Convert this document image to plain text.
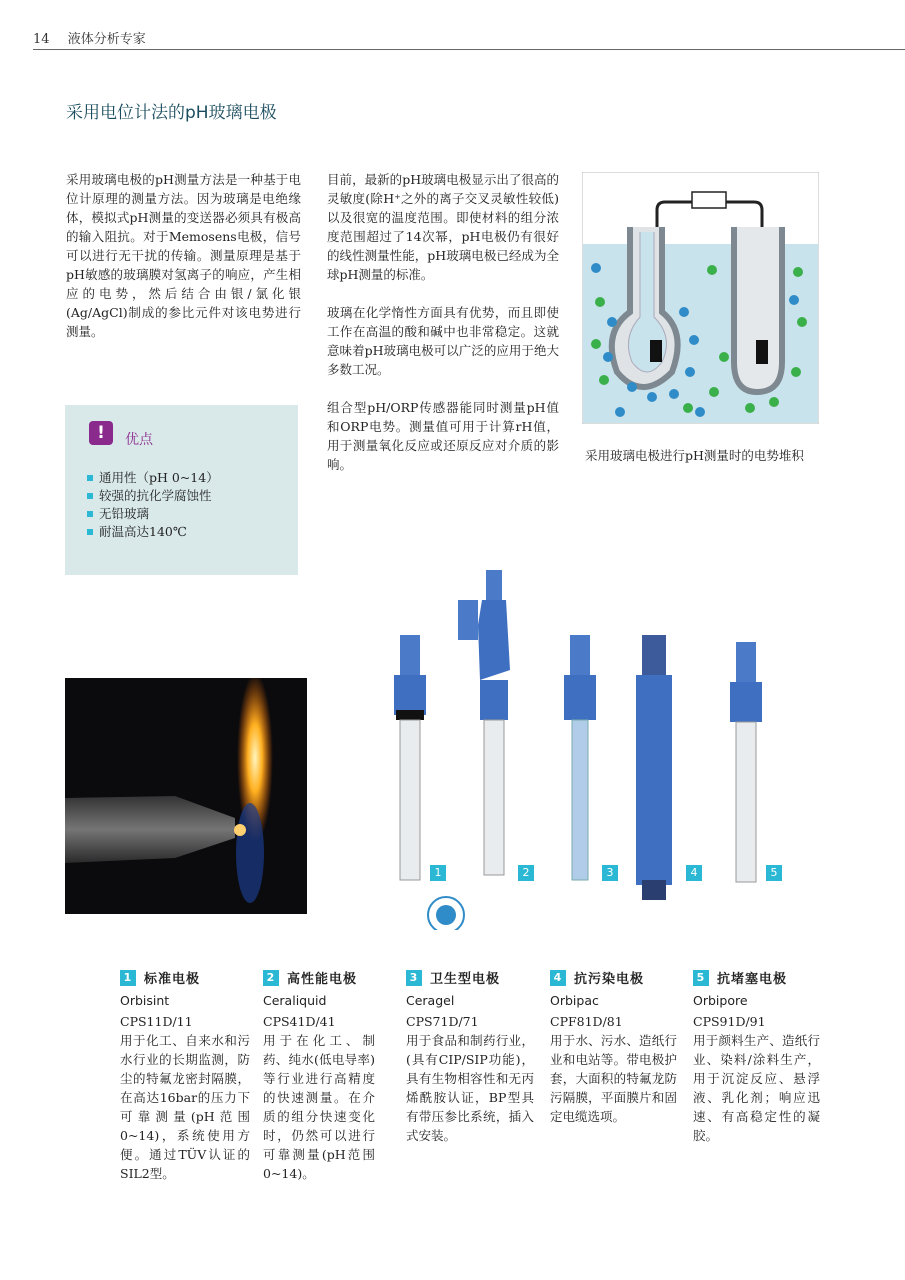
14 液体分析专家
采用电位计法的pH玻璃电极
采用玻璃电极的pH测量方法是一种基于电位计原理的测量方法。因为玻璃是电绝缘体，模拟式pH测量的变送器必须具有极高的输入阻抗。对于Memosens电极，信号可以进行无干扰的传输。测量原理是基于pH敏感的玻璃膜对氢离子的响应，产生相应的电势，然后结合由银/氯化银(Ag/AgCl)制成的参比元件对该电势进行测量。
目前，最新的pH玻璃电极显示出了很高的灵敏度(除H⁺之外的离子交叉灵敏性较低)以及很宽的温度范围。即使材料的组分浓度范围超过了14次幂，pH电极仍有很好的线性测量性能，pH玻璃电极已经成为全球pH测量的标准。
玻璃在化学惰性方面具有优势，而且即使工作在高温的酸和碱中也非常稳定。这就意味着pH玻璃电极可以广泛的应用于绝大多数工况。
组合型pH/ORP传感器能同时测量pH值和ORP电势。测量值可用于计算rH值，用于测量氧化反应或还原反应对介质的影响。
!	优点
通用性（pH 0~14）
较强的抗化学腐蚀性
无铅玻璃
耐温高达140℃
采用玻璃电极进行pH测量时的电势堆积
1	2	3	4	5
1 标准电极
Orbisint
CPS11D/11
用于化工、自来水和污水行业的长期监测，防尘的特氟龙密封隔膜，在高达16bar的压力下可靠测量(pH范围0~14)，系统使用方便。通过TÜV认证的SIL2型。
2 高性能电极
Ceraliquid
CPS41D/41
用于在化工、制药、纯水(低电导率)等行业进行高精度的快速测量。在介质的组分快速变化时，仍然可以进行可靠测量(pH范围0~14)。
3 卫生型电极
Ceragel
CPS71D/71
用于食品和制药行业，(具有CIP/SIP功能)，具有生物相容性和无丙烯酰胺认证，BP型具有带压参比系统，插入式安装。
4 抗污染电极
Orbipac
CPF81D/81
用于水、污水、造纸行业和电站等。带电极护套，大面积的特氟龙防污隔膜，平面膜片和固定电缆选项。
5 抗堵塞电极
Orbipore
CPS91D/91
用于颜料生产、造纸行业、染料/涂料生产，用于沉淀反应、悬浮液、乳化剂；响应迅速、有高稳定性的凝胶。
